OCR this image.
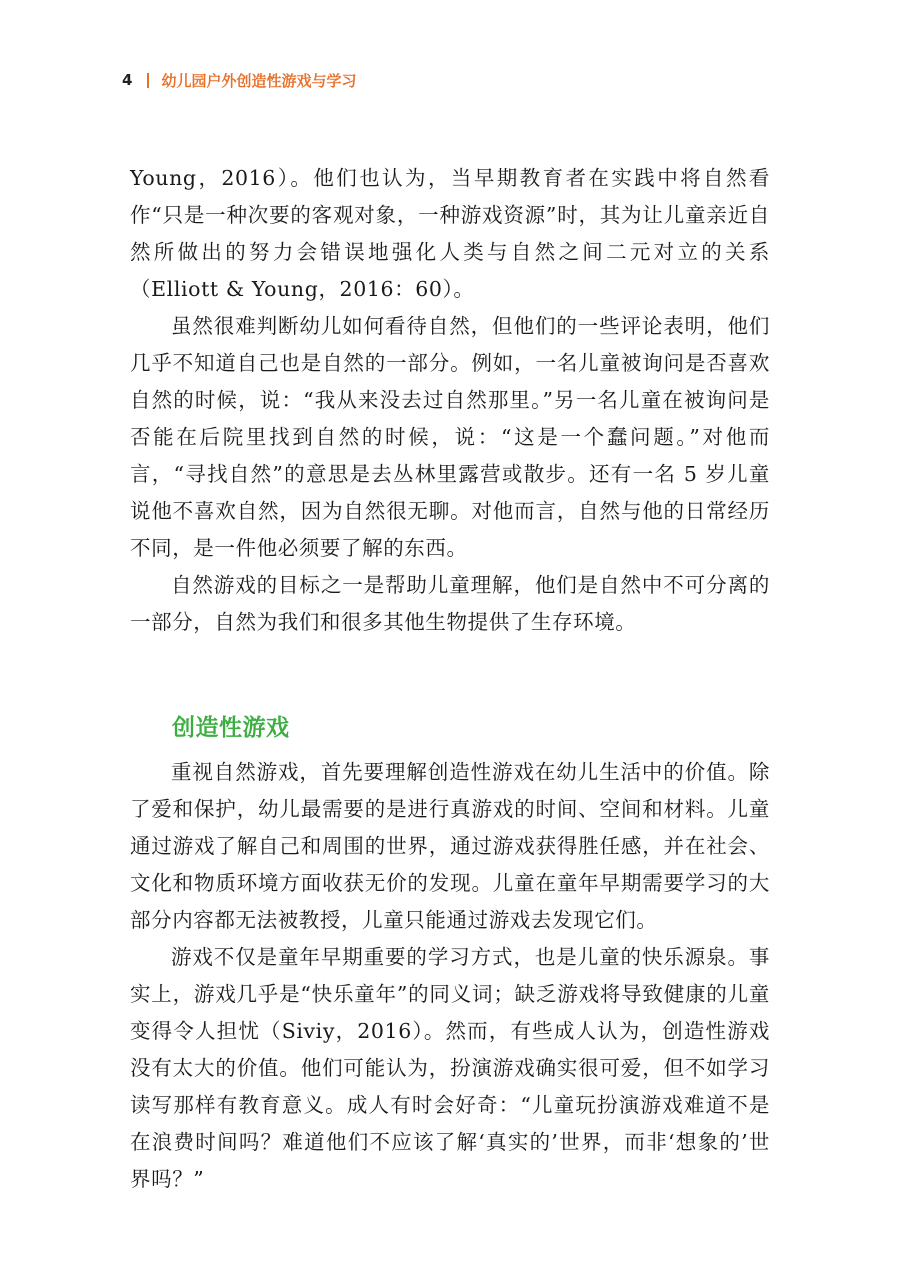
4 幼儿园户外创造性游戏与学习

Young，2016）。他们也认为，当早期教育者在实践中将自然看作“只是一种次要的客观对象，一种游戏资源”时，其为让儿童亲近自然所做出的努力会错误地强化人类与自然之间二元对立的关系（Elliott & Young，2016：60）。

虽然很难判断幼儿如何看待自然，但他们的一些评论表明，他们几乎不知道自己也是自然的一部分。例如，一名儿童被询问是否喜欢自然的时候，说：“我从来没去过自然那里。”另一名儿童在被询问是否能在后院里找到自然的时候，说：“这是一个蠢问题。”对他而言，“寻找自然”的意思是去丛林里露营或散步。还有一名 5 岁儿童说他不喜欢自然，因为自然很无聊。对他而言，自然与他的日常经历不同，是一件他必须要了解的东西。

自然游戏的目标之一是帮助儿童理解，他们是自然中不可分离的一部分，自然为我们和很多其他生物提供了生存环境。

创造性游戏

重视自然游戏，首先要理解创造性游戏在幼儿生活中的价值。除了爱和保护，幼儿最需要的是进行真游戏的时间、空间和材料。儿童通过游戏了解自己和周围的世界，通过游戏获得胜任感，并在社会、文化和物质环境方面收获无价的发现。儿童在童年早期需要学习的大部分内容都无法被教授，儿童只能通过游戏去发现它们。

游戏不仅是童年早期重要的学习方式，也是儿童的快乐源泉。事实上，游戏几乎是“快乐童年”的同义词；缺乏游戏将导致健康的儿童变得令人担忧（Siviy，2016）。然而，有些成人认为，创造性游戏没有太大的价值。他们可能认为，扮演游戏确实很可爱，但不如学习读写那样有教育意义。成人有时会好奇：“儿童玩扮演游戏难道不是在浪费时间吗？难道他们不应该了解‘真实的’世界，而非‘想象的’世界吗？”
